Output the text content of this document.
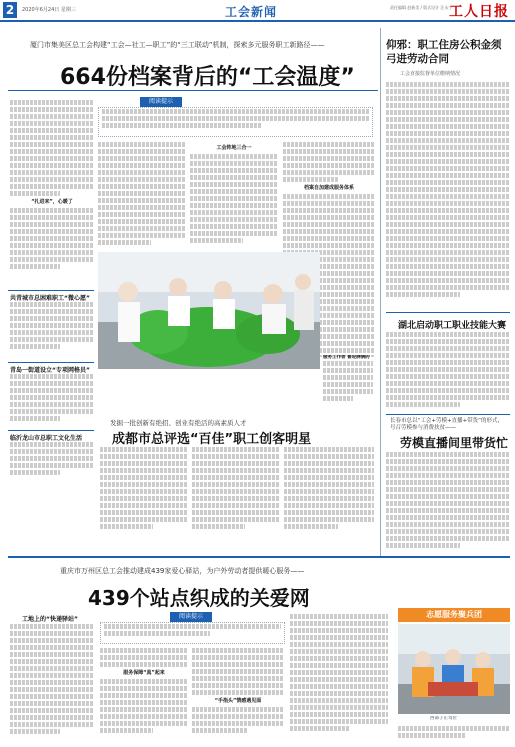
2	2020年6月24日 星期三	工会新闻	责任编辑 赵新美 / 版式设计 汪永宁
工人日报
厦门市集美区总工会构建“工会—社工—职工”的“三工联动”机制，探索多元服务职工新路径——
664份档案背后的“工会温度”
阅读提示
“扎进来”，心暖了
工会阵地三合一
档案自加建成服务体系
服务工作者 喜迎满满的
共青城市总困难职工“微心愿”
青岛一街道设立“专项网格员”
临沂龙山市总职工文化生活
发掘一批创新有绝招、创业有绝活的高素质人才
成都市总评选“百佳”职工创客明星
仰邪：职工住房公积金须弓进劳动合同
工会直接监督单位缴纳情况
湖北启动职工职业技能大赛
长春市总以“工会+劳模+直播+带货”的形式，号召劳模参与消费扶贫——
劳模直播间里带货忙
重庆市万州区总工会推动建成439家爱心驿站，为户外劳动者提供暖心服务——
439个站点织成的关爱网
工地上的“快递驿站”	阅读提示
服务保障“真”起来
“手指头”情感遇见面
志愿服务聚兵团
西部子正驾位
